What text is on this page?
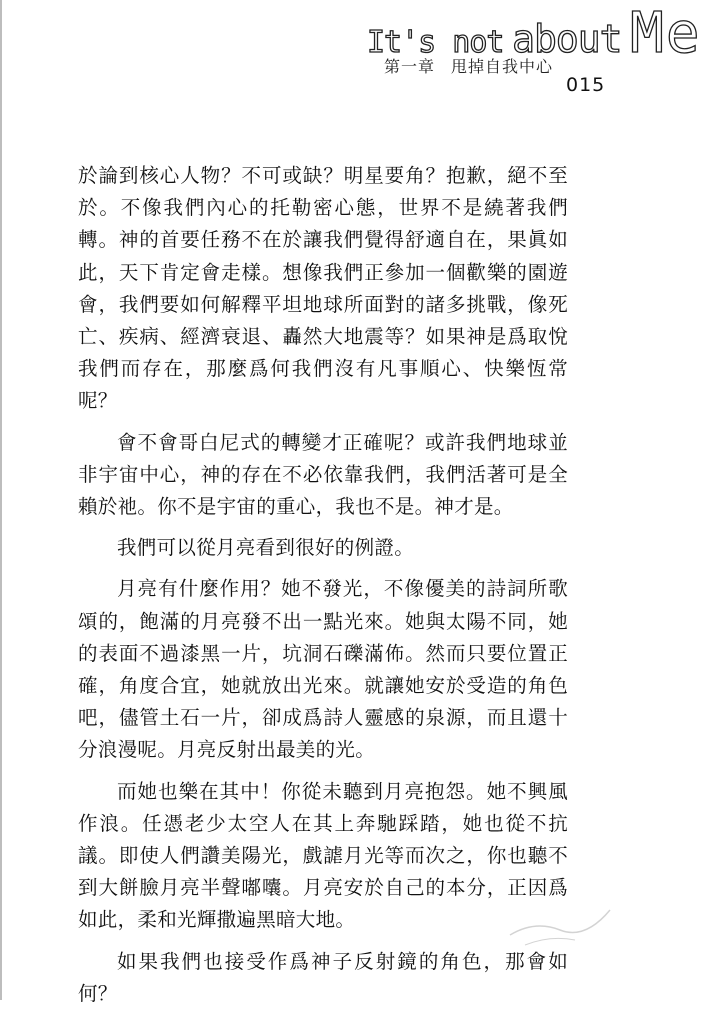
It's not about Me
第一章 甩掉自我中心
015

於論到核心人物？不可或缺？明星要角？抱歉，絕不至於。不像我們內心的托勒密心態，世界不是繞著我們轉。神的首要任務不在於讓我們覺得舒適自在，果眞如此，天下肯定會走樣。想像我們正參加一個歡樂的園遊會，我們要如何解釋平坦地球所面對的諸多挑戰，像死亡、疾病、經濟衰退、轟然大地震等？如果神是爲取悅我們而存在，那麼爲何我們沒有凡事順心、快樂恆常呢？

會不會哥白尼式的轉變才正確呢？或許我們地球並非宇宙中心，神的存在不必依靠我們，我們活著可是全賴於祂。你不是宇宙的重心，我也不是。神才是。

我們可以從月亮看到很好的例證。

月亮有什麼作用？她不發光，不像優美的詩詞所歌頌的，飽滿的月亮發不出一點光來。她與太陽不同，她的表面不過漆黑一片，坑洞石礫滿佈。然而只要位置正確，角度合宜，她就放出光來。就讓她安於受造的角色吧，儘管土石一片，卻成爲詩人靈感的泉源，而且還十分浪漫呢。月亮反射出最美的光。

而她也樂在其中！你從未聽到月亮抱怨。她不興風作浪。任憑老少太空人在其上奔馳踩踏，她也從不抗議。即使人們讚美陽光，戲謔月光等而次之，你也聽不到大餅臉月亮半聲嘟囔。月亮安於自己的本分，正因爲如此，柔和光輝撒遍黑暗大地。

如果我們也接受作爲神子反射鏡的角色，那會如何？
